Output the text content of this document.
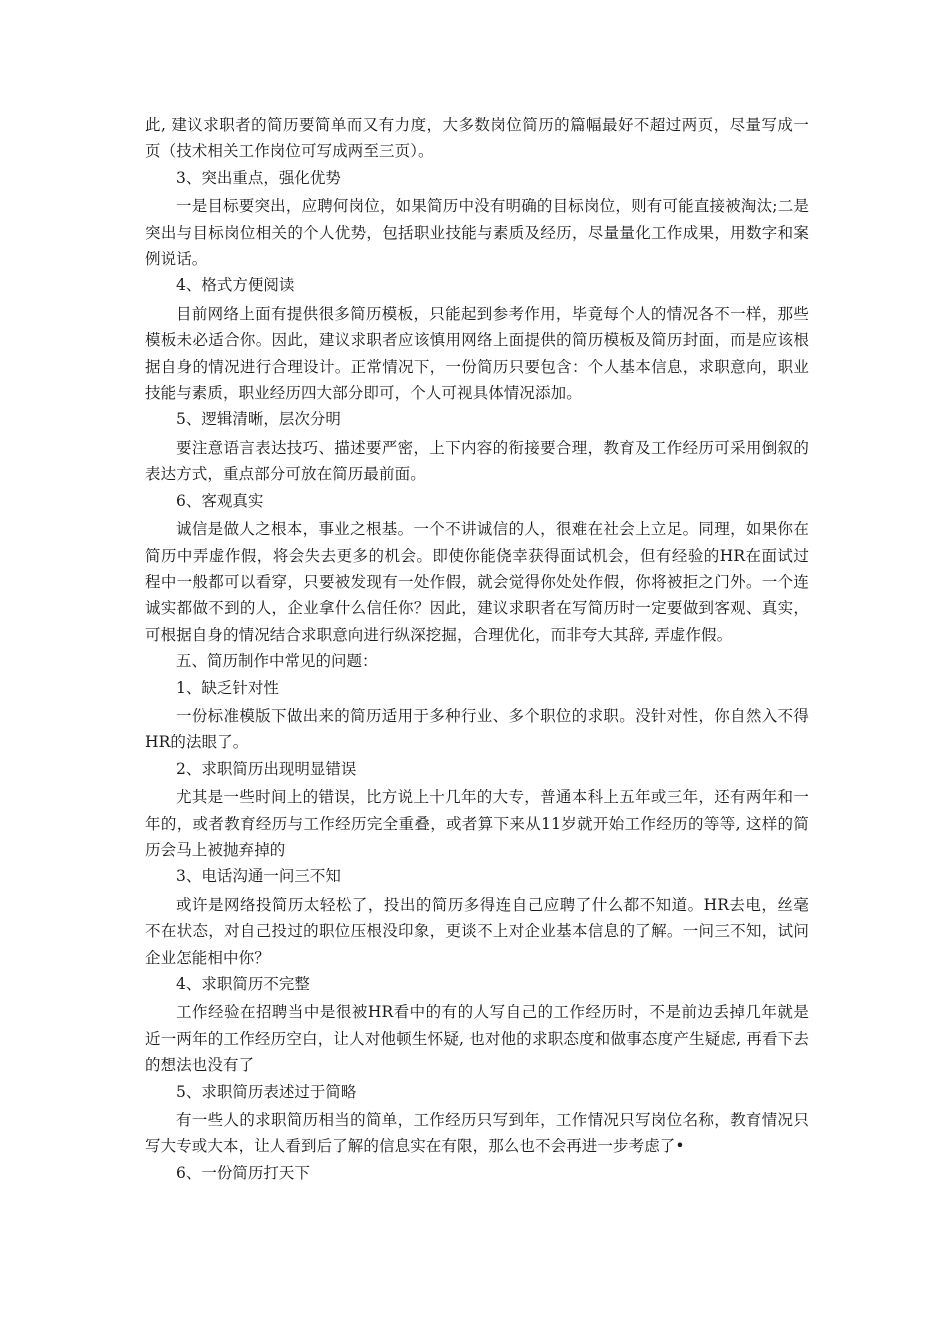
此, 建议求职者的简历要简单而又有力度，大多数岗位简历的篇幅最好不超过两页，尽量写成一页（技术相关工作岗位可写成两至三页）。

3、突出重点，强化优势

一是目标要突出，应聘何岗位，如果简历中没有明确的目标岗位，则有可能直接被淘汰;二是突出与目标岗位相关的个人优势，包括职业技能与素质及经历，尽量量化工作成果，用数字和案例说话。

4、格式方便阅读

目前网络上面有提供很多简历模板，只能起到参考作用，毕竟每个人的情况各不一样，那些模板未必适合你。因此，建议求职者应该慎用网络上面提供的简历模板及简历封面，而是应该根据自身的情况进行合理设计。正常情况下，一份简历只要包含：个人基本信息，求职意向，职业技能与素质，职业经历四大部分即可，个人可视具体情况添加。

5、逻辑清晰，层次分明

要注意语言表达技巧、描述要严密，上下内容的衔接要合理，教育及工作经历可采用倒叙的表达方式，重点部分可放在简历最前面。

6、客观真实

诚信是做人之根本，事业之根基。一个不讲诚信的人，很难在社会上立足。同理，如果你在简历中弄虚作假，将会失去更多的机会。即使你能侥幸获得面试机会，但有经验的HR在面试过程中一般都可以看穿，只要被发现有一处作假，就会觉得你处处作假，你将被拒之门外。一个连诚实都做不到的人，企业拿什么信任你？因此，建议求职者在写简历时一定要做到客观、真实，可根据自身的情况结合求职意向进行纵深挖掘，合理优化，而非夸大其辞, 弄虚作假。

五、简历制作中常见的问题：

1、缺乏针对性

一份标准模版下做出来的简历适用于多种行业、多个职位的求职。没针对性，你自然入不得HR的法眼了。

2、求职简历出现明显错误

尤其是一些时间上的错误，比方说上十几年的大专，普通本科上五年或三年，还有两年和一年的，或者教育经历与工作经历完全重叠，或者算下来从11岁就开始工作经历的等等, 这样的简历会马上被抛弃掉的

3、电话沟通一问三不知

或许是网络投简历太轻松了，投出的简历多得连自己应聘了什么都不知道。HR去电，丝毫不在状态，对自己投过的职位压根没印象，更谈不上对企业基本信息的了解。一问三不知，试问企业怎能相中你？

4、求职简历不完整

工作经验在招聘当中是很被HR看中的有的人写自己的工作经历时，不是前边丢掉几年就是近一两年的工作经历空白，让人对他顿生怀疑, 也对他的求职态度和做事态度产生疑虑, 再看下去的想法也没有了

5、求职简历表述过于简略

有一些人的求职简历相当的简单，工作经历只写到年，工作情况只写岗位名称，教育情况只写大专或大本，让人看到后了解的信息实在有限，那么也不会再进一步考虑了•

6、一份简历打天下
